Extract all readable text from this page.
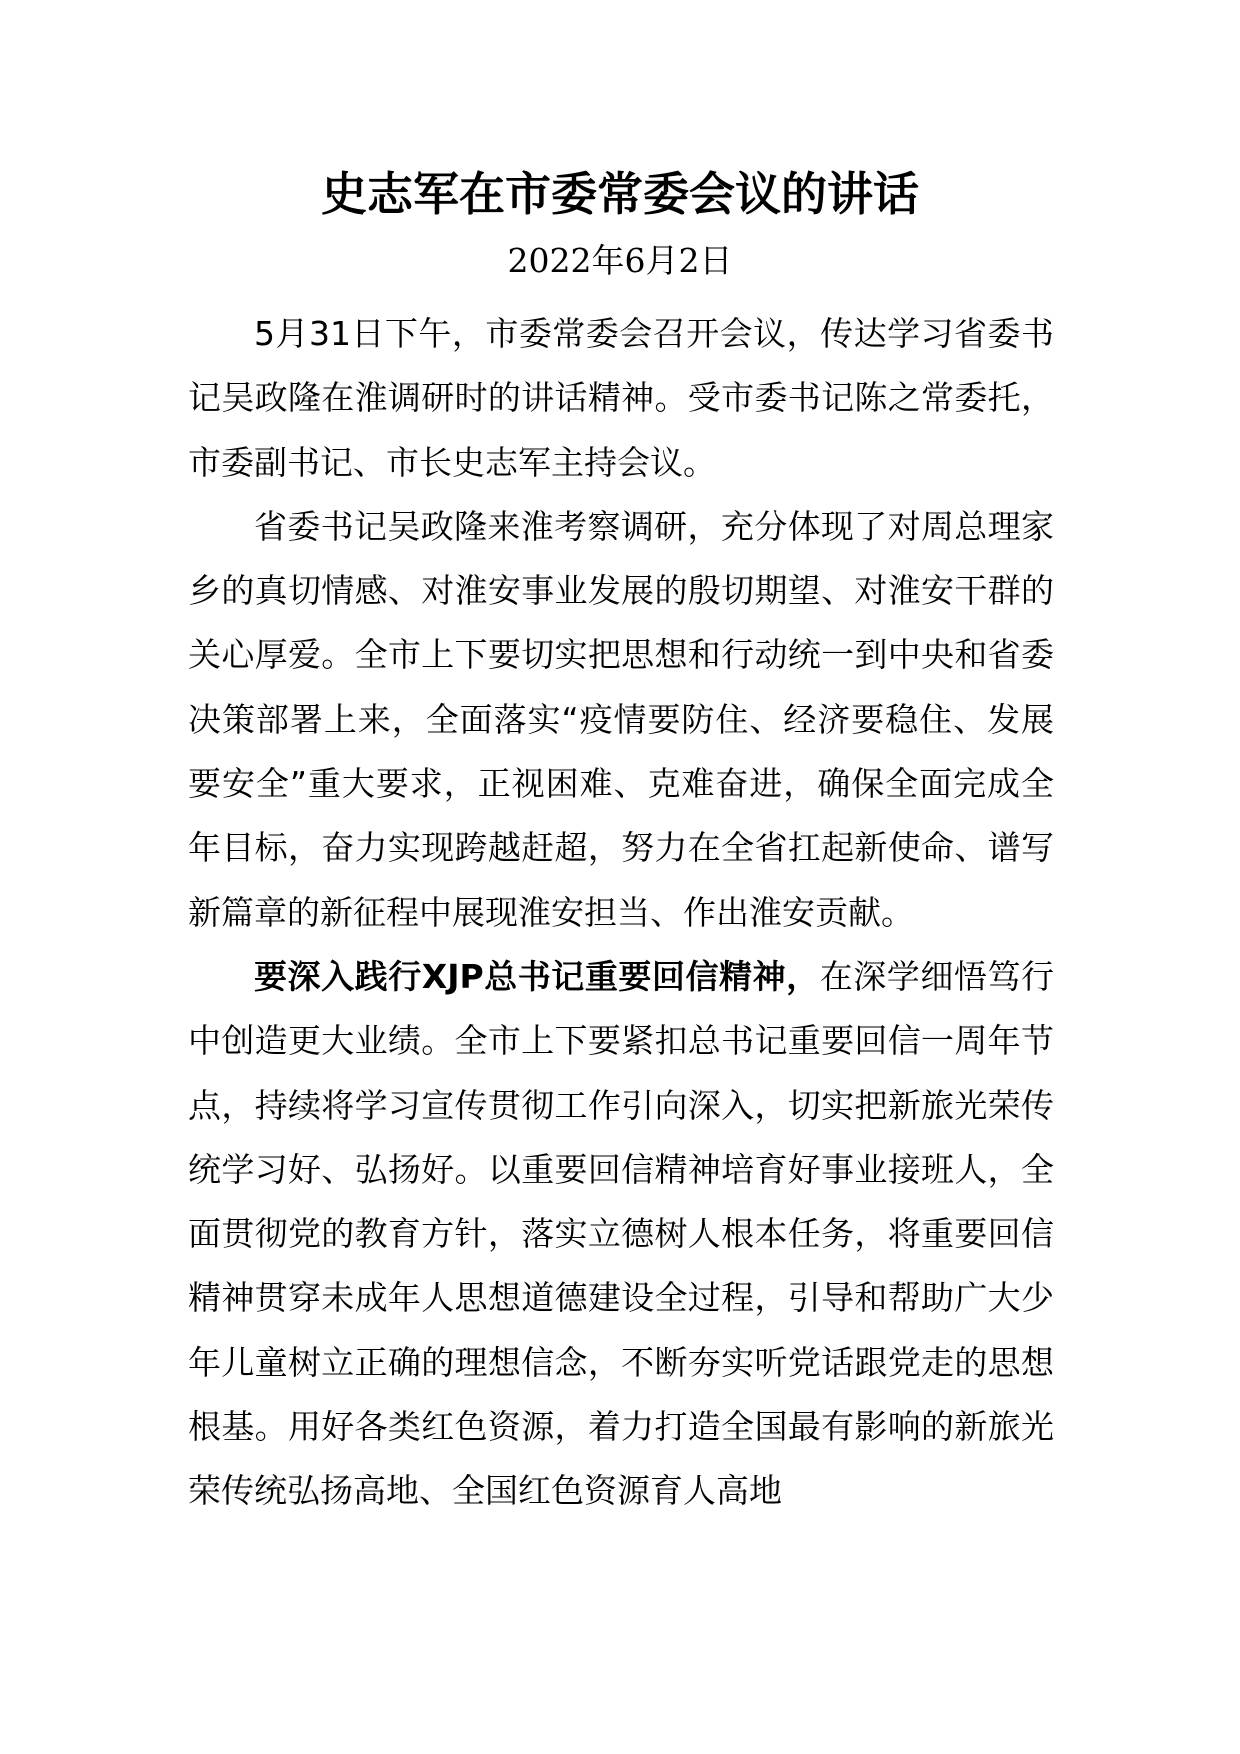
史志军在市委常委会议的讲话
2022年6月2日

5月31日下午，市委常委会召开会议，传达学习省委书记吴政隆在淮调研时的讲话精神。受市委书记陈之常委托，市委副书记、市长史志军主持会议。

省委书记吴政隆来淮考察调研，充分体现了对周总理家乡的真切情感、对淮安事业发展的殷切期望、对淮安干群的关心厚爱。全市上下要切实把思想和行动统一到中央和省委决策部署上来，全面落实“疫情要防住、经济要稳住、发展要安全”重大要求，正视困难、克难奋进，确保全面完成全年目标，奋力实现跨越赶超，努力在全省扛起新使命、谱写新篇章的新征程中展现淮安担当、作出淮安贡献。

要深入践行XJP总书记重要回信精神，在深学细悟笃行中创造更大业绩。全市上下要紧扣总书记重要回信一周年节点，持续将学习宣传贯彻工作引向深入，切实把新旅光荣传统学习好、弘扬好。以重要回信精神培育好事业接班人，全面贯彻党的教育方针，落实立德树人根本任务，将重要回信精神贯穿未成年人思想道德建设全过程，引导和帮助广大少年儿童树立正确的理想信念，不断夯实听党话跟党走的思想根基。用好各类红色资源，着力打造全国最有影响的新旅光荣传统弘扬高地、全国红色资源育人高地
